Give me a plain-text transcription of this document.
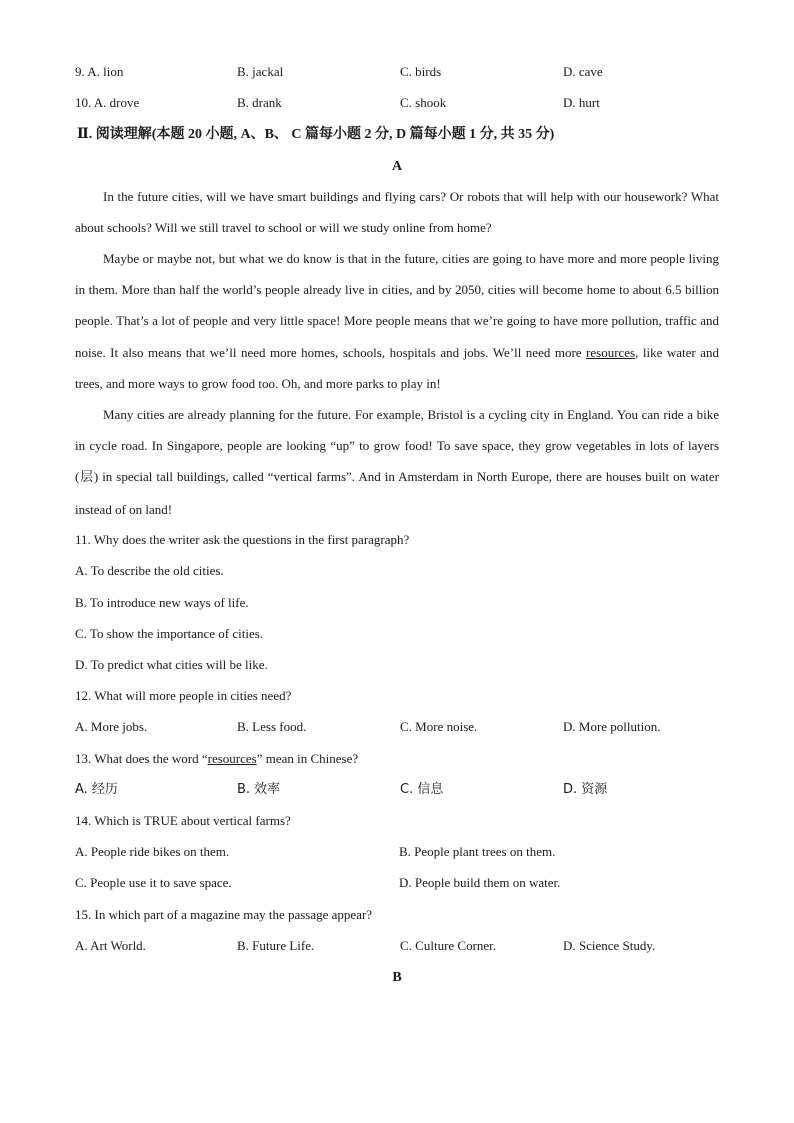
9. A. lion	B. jackal	C. birds	D. cave
10. A. drove	B. drank	C. shook	D. hurt
Ⅱ. 阅读理解(本题 20 小题, A、B、 C 篇每小题 2 分, D 篇每小题 1 分, 共 35 分)
A
In the future cities, will we have smart buildings and flying cars? Or robots that will help with our housework? What about schools? Will we still travel to school or will we study online from home?
Maybe or maybe not, but what we do know is that in the future, cities are going to have more and more people living in them. More than half the world’s people already live in cities, and by 2050, cities will become home to about 6.5 billion people. That’s a lot of people and very little space! More people means that we’re going to have more pollution, traffic and noise. It also means that we’ll need more homes, schools, hospitals and jobs. We’ll need more resources, like water and trees, and more ways to grow food too. Oh, and more parks to play in!
Many cities are already planning for the future. For example, Bristol is a cycling city in England. You can ride a bike in cycle road. In Singapore, people are looking “up” to grow food! To save space, they grow vegetables in lots of layers (层) in special tall buildings, called “vertical farms”. And in Amsterdam in North Europe, there are houses built on water instead of on land!
11. Why does the writer ask the questions in the first paragraph?
A. To describe the old cities.
B. To introduce new ways of life.
C. To show the importance of cities.
D. To predict what cities will be like.
12. What will more people in cities need?
A. More jobs.	B. Less food.	C. More noise.	D. More pollution.
13. What does the word “resources” mean in Chinese?
A. 经历	B. 效率	C. 信息	D. 资源
14. Which is TRUE about vertical farms?
A. People ride bikes on them.	B. People plant trees on them.
C. People use it to save space.	D. People build them on water.
15. In which part of a magazine may the passage appear?
A. Art World.	B. Future Life.	C. Culture Corner.	D. Science Study.
B
